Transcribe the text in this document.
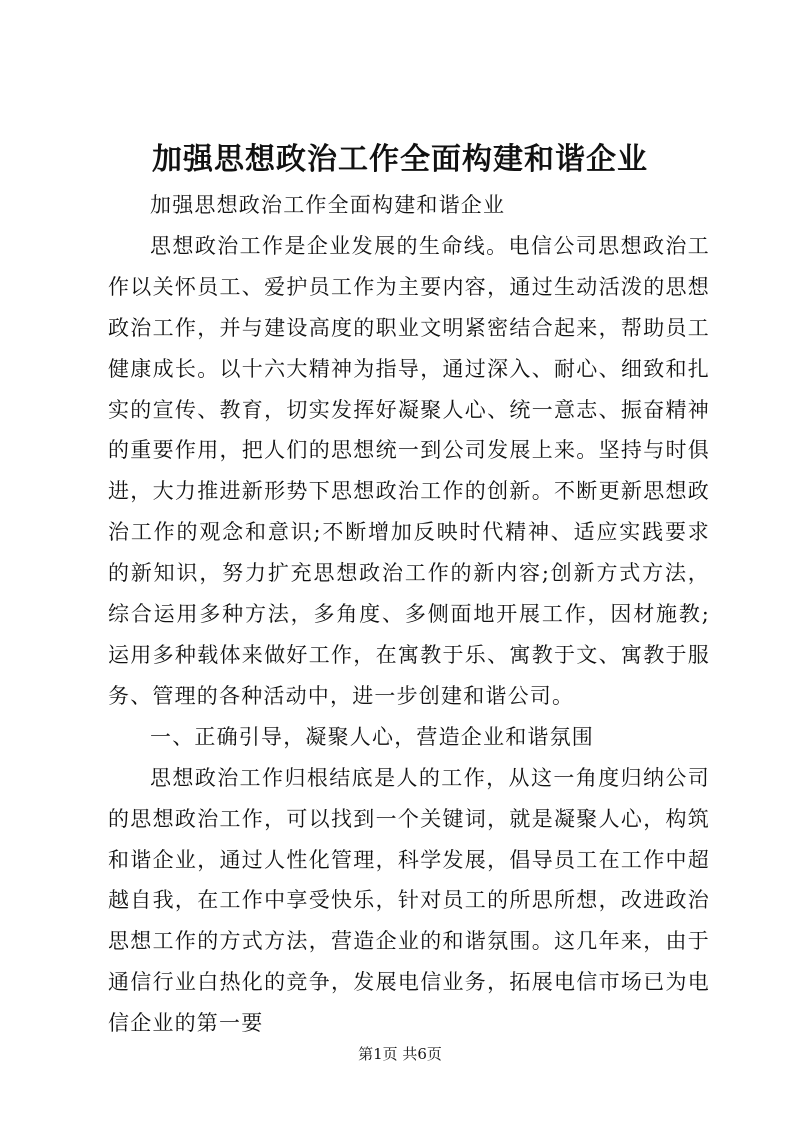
加强思想政治工作全面构建和谐企业

加强思想政治工作全面构建和谐企业

思想政治工作是企业发展的生命线。电信公司思想政治工作以关怀员工、爱护员工作为主要内容，通过生动活泼的思想政治工作，并与建设高度的职业文明紧密结合起来，帮助员工健康成长。以十六大精神为指导，通过深入、耐心、细致和扎实的宣传、教育，切实发挥好凝聚人心、统一意志、振奋精神的重要作用，把人们的思想统一到公司发展上来。坚持与时俱进，大力推进新形势下思想政治工作的创新。不断更新思想政治工作的观念和意识;不断增加反映时代精神、适应实践要求的新知识，努力扩充思想政治工作的新内容;创新方式方法，综合运用多种方法，多角度、多侧面地开展工作，因材施教;运用多种载体来做好工作，在寓教于乐、寓教于文、寓教于服务、管理的各种活动中，进一步创建和谐公司。

一、正确引导，凝聚人心，营造企业和谐氛围

思想政治工作归根结底是人的工作，从这一角度归纳公司的思想政治工作，可以找到一个关键词，就是凝聚人心，构筑和谐企业，通过人性化管理，科学发展，倡导员工在工作中超越自我，在工作中享受快乐，针对员工的所思所想，改进政治思想工作的方式方法，营造企业的和谐氛围。这几年来，由于通信行业白热化的竞争，发展电信业务，拓展电信市场已为电信企业的第一要

第1页 共6页
